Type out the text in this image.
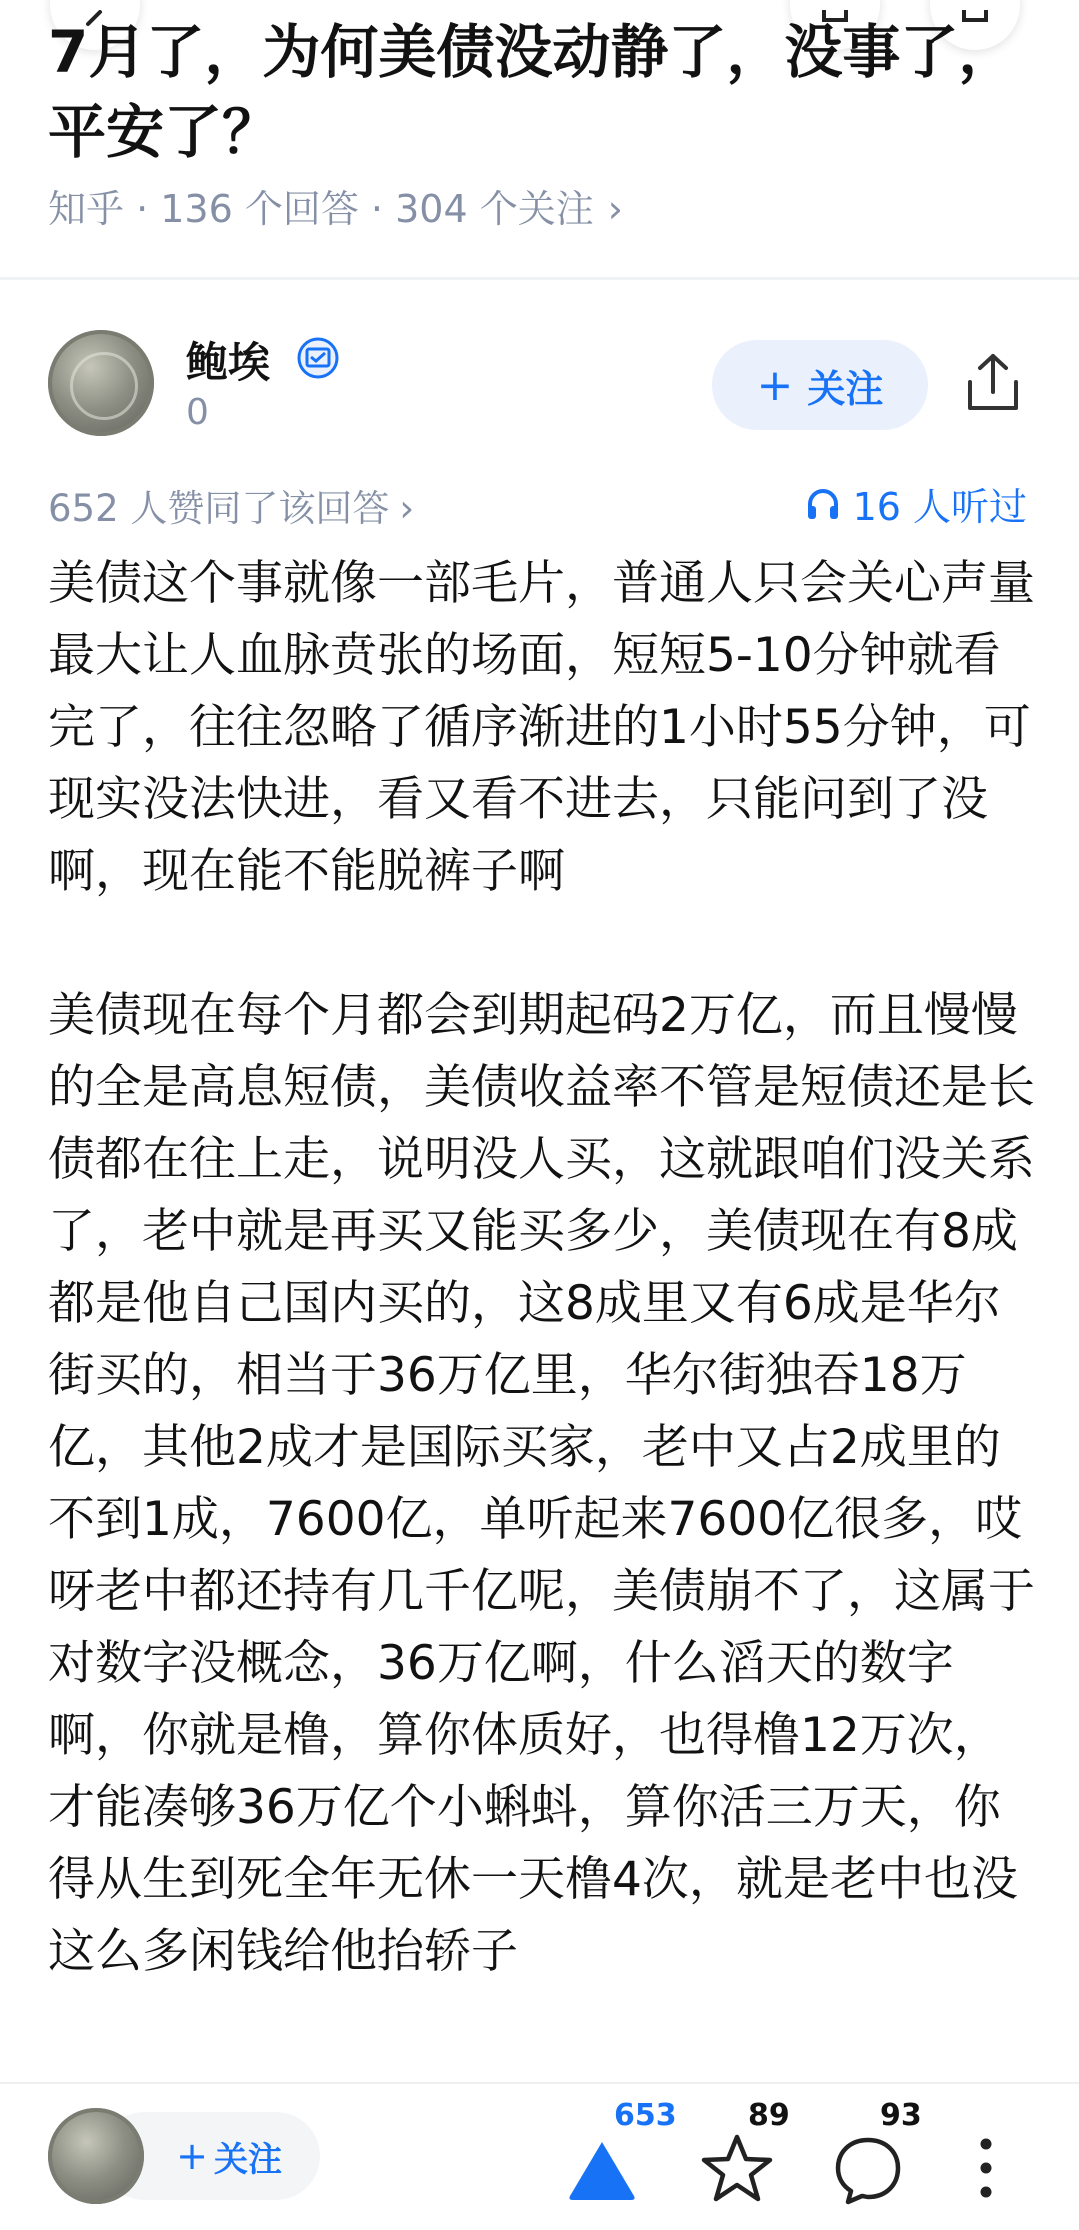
7月了，为何美债没动静了，没事了，平安了？
知乎 · 136 个回答 · 304 个关注 ›
鲍埃
0
+ 关注
652 人赞同了该回答 ›	16 人听过

美债这个事就像一部毛片，普通人只会关心声量最大让人血脉贲张的场面，短短5-10分钟就看完了，往往忽略了循序渐进的1小时55分钟，可现实没法快进，看又看不进去，只能问到了没啊，现在能不能脱裤子啊

美债现在每个月都会到期起码2万亿，而且慢慢的全是高息短债，美债收益率不管是短债还是长债都在往上走，说明没人买，这就跟咱们没关系了，老中就是再买又能买多少，美债现在有8成都是他自己国内买的，这8成里又有6成是华尔街买的，相当于36万亿里，华尔街独吞18万亿，其他2成才是国际买家，老中又占2成里的不到1成，7600亿，单听起来7600亿很多，哎呀老中都还持有几千亿呢，美债崩不了，这属于对数字没概念，36万亿啊，什么滔天的数字啊，你就是橹，算你体质好，也得橹12万次，才能凑够36万亿个小蝌蚪，算你活三万天，你得从生到死全年无休一天橹4次，就是老中也没这么多闲钱给他抬轿子

+ 关注
653 89	93
